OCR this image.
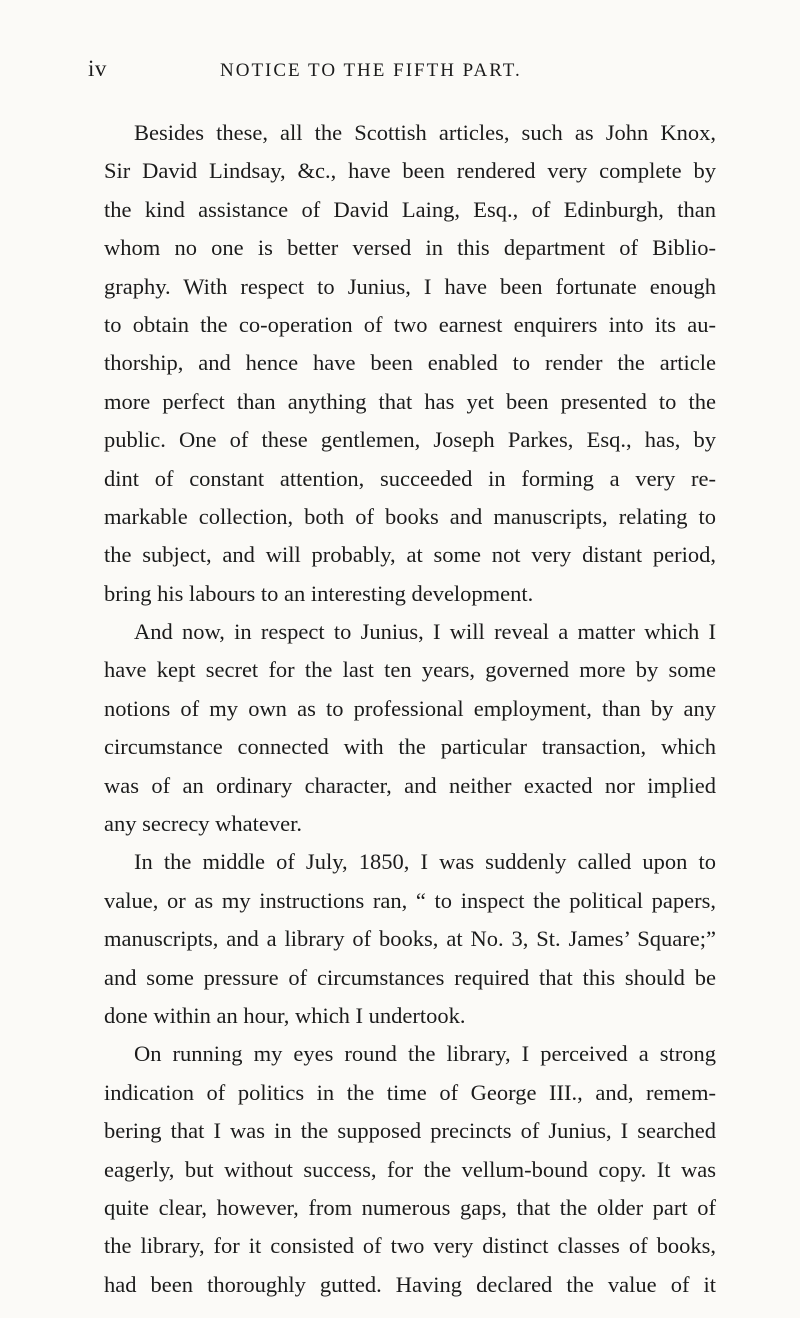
iv	NOTICE TO THE FIFTH PART.
Besides these, all the Scottish articles, such as John Knox,
Sir David Lindsay, &c., have been rendered very complete by
the kind assistance of David Laing, Esq., of Edinburgh, than
whom no one is better versed in this department of Biblio-
graphy. With respect to Junius, I have been fortunate enough
to obtain the co-operation of two earnest enquirers into its au-
thorship, and hence have been enabled to render the article
more perfect than anything that has yet been presented to the
public. One of these gentlemen, Joseph Parkes, Esq., has, by
dint of constant attention, succeeded in forming a very re-
markable collection, both of books and manuscripts, relating to
the subject, and will probably, at some not very distant period,
bring his labours to an interesting development.
And now, in respect to Junius, I will reveal a matter which I
have kept secret for the last ten years, governed more by some
notions of my own as to professional employment, than by any
circumstance connected with the particular transaction, which
was of an ordinary character, and neither exacted nor implied
any secrecy whatever.
In the middle of July, 1850, I was suddenly called upon to
value, or as my instructions ran, “ to inspect the political papers,
manuscripts, and a library of books, at No. 3, St. James’ Square;”
and some pressure of circumstances required that this should be
done within an hour, which I undertook.
On running my eyes round the library, I perceived a strong
indication of politics in the time of George III., and, remem-
bering that I was in the supposed precincts of Junius, I searched
eagerly, but without success, for the vellum-bound copy. It was
quite clear, however, from numerous gaps, that the older part of
the library, for it consisted of two very distinct classes of books,
had been thoroughly gutted. Having declared the value of it
